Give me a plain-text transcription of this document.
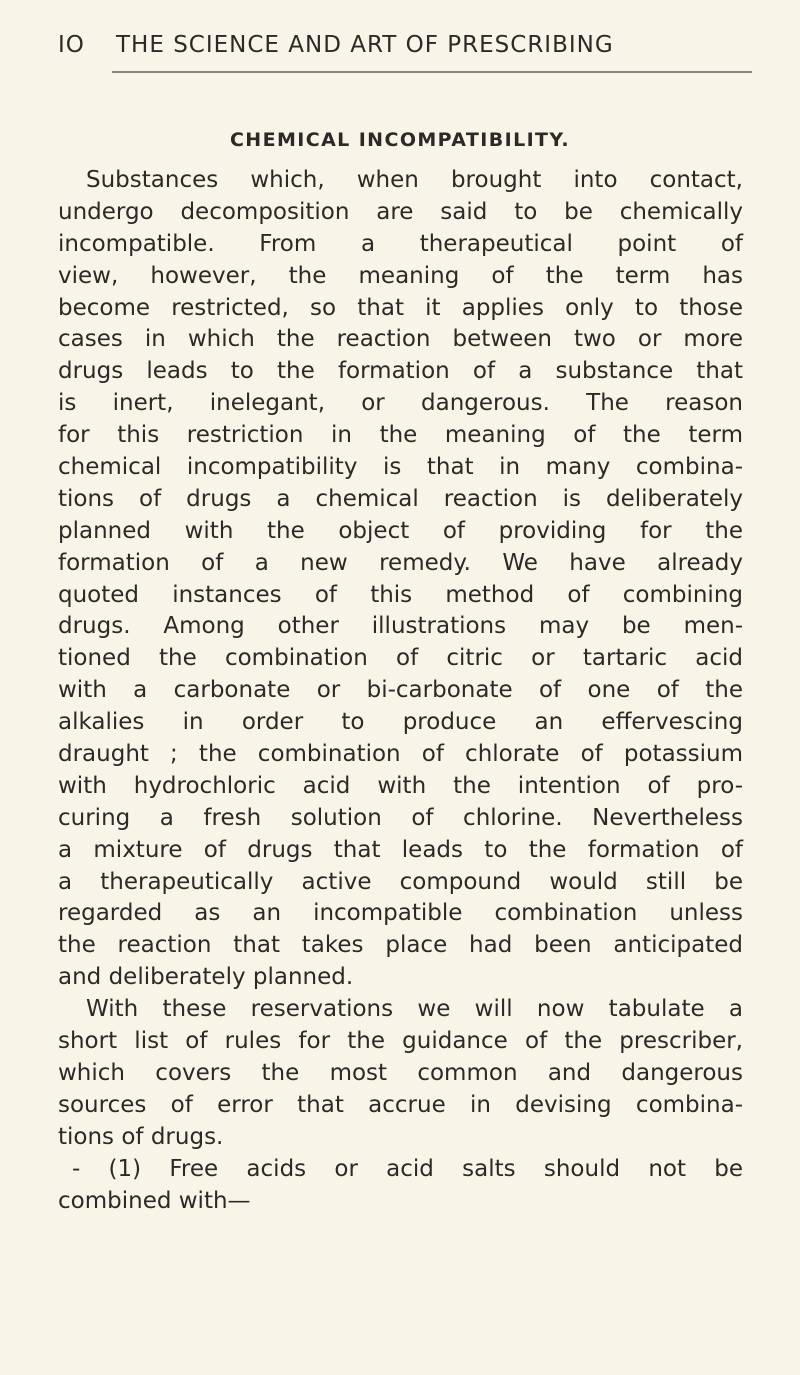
IO THE SCIENCE AND ART OF PRESCRIBING
CHEMICAL INCOMPATIBILITY.
Substances which, when brought into contact,
undergo decomposition are said to be chemically
incompatible. From a therapeutical point of
view, however, the meaning of the term has
become restricted, so that it applies only to those
cases in which the reaction between two or more
drugs leads to the formation of a substance that
is inert, inelegant, or dangerous. The reason
for this restriction in the meaning of the term
chemical incompatibility is that in many combina-
tions of drugs a chemical reaction is deliberately
planned with the object of providing for the
formation of a new remedy. We have already
quoted instances of this method of combining
drugs. Among other illustrations may be men-
tioned the combination of citric or tartaric acid
with a carbonate or bi-carbonate of one of the
alkalies in order to produce an effervescing
draught ; the combination of chlorate of potassium
with hydrochloric acid with the intention of pro-
curing a fresh solution of chlorine. Nevertheless
a mixture of drugs that leads to the formation of
a therapeutically active compound would still be
regarded as an incompatible combination unless
the reaction that takes place had been anticipated
and deliberately planned.
With these reservations we will now tabulate a
short list of rules for the guidance of the prescriber,
which covers the most common and dangerous
sources of error that accrue in devising combina-
tions of drugs.
- (1) Free acids or acid salts should not be
combined with—
